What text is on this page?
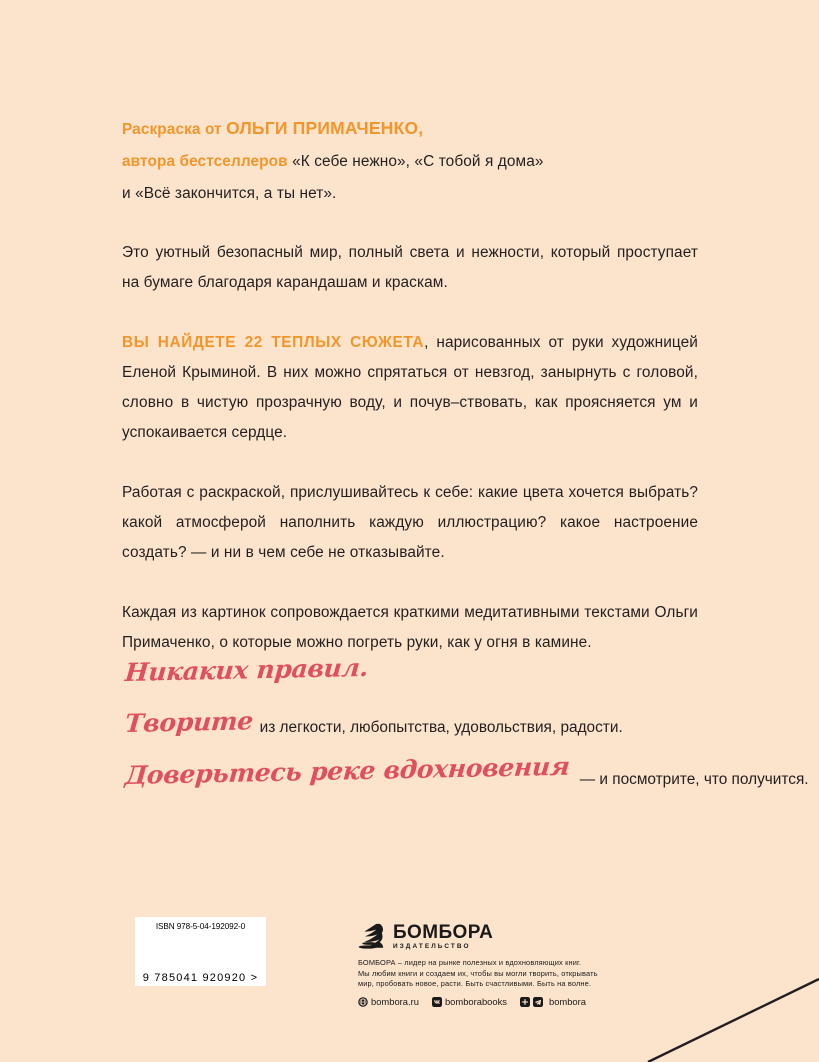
Раскраска от ОЛЬГИ ПРИМАЧЕНКО,
автора бестселлеров «К себе нежно», «С тобой я дома»
и «Всё закончится, а ты нет».

Это уютный безопасный мир, полный света и нежности, который проступает на бумаге благодаря карандашам и краскам.

ВЫ НАЙДЕТЕ 22 ТЕПЛЫХ СЮЖЕТА, нарисованных от руки художницей Еленой Крыминой. В них можно спрятаться от невзгод, занырнуть с головой, словно в чистую прозрачную воду, и почув–ствовать, как проясняется ум и успокаивается сердце.

Работая с раскраской, прислушивайтесь к себе: какие цвета хочется выбрать? какой атмосферой наполнить каждую иллюстрацию? какое настроение создать? — и ни в чем себе не отказывайте.

Каждая из картинок сопровождается краткими медитативными текстами Ольги Примаченко, о которые можно погреть руки, как у огня в камине.

Никаких правил.
Творите из легкости, любопытства, удовольствия, радости.
Доверьтесь реке вдохновения — и посмотрите, что получится.
ISBN 978-5-04-192092-0
9 785041 920920 >
БОМБОРА
ИЗДАТЕЛЬСТВО
БОМБОРА – лидер на рынке полезных и вдохновляющих книг.
Мы любим книги и создаем их, чтобы вы могли творить, открывать
мир, пробовать новое, расти. Быть счастливыми. Быть на волне.
bombora.ru	bomborabooks	bombora
